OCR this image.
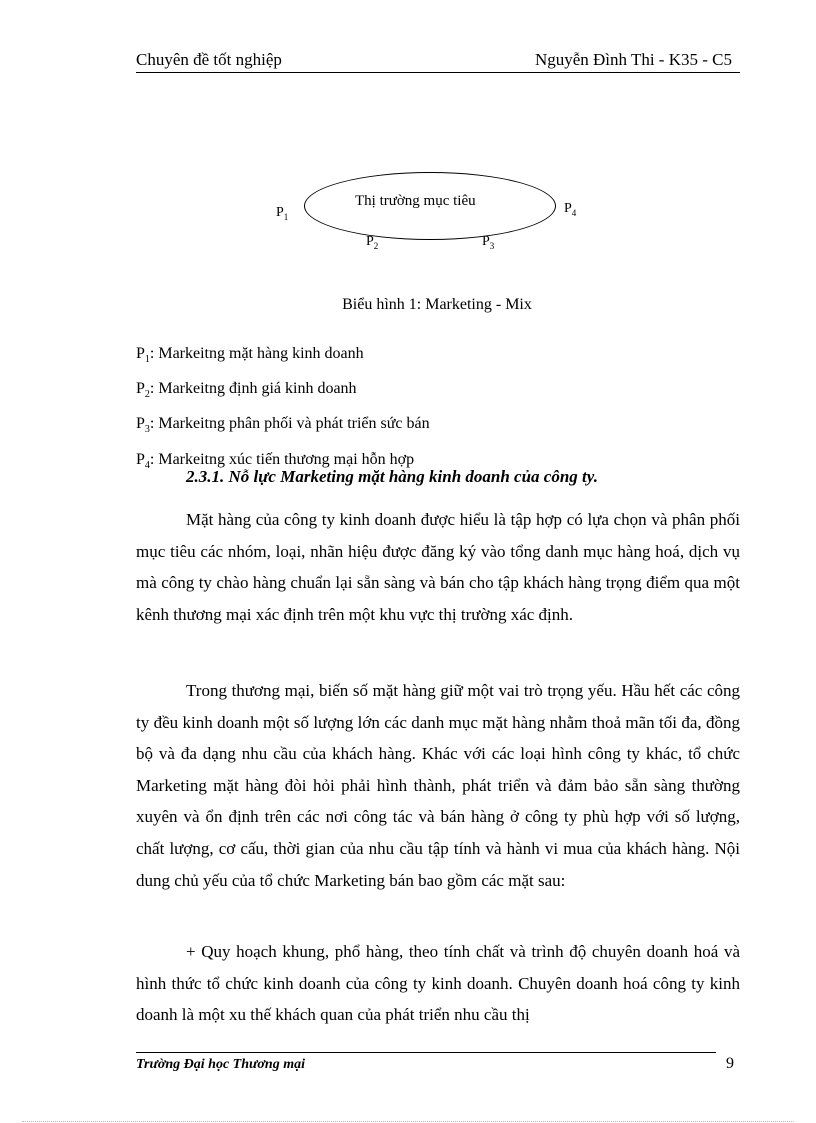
Chuyên đề tốt nghiệp	Nguyễn Đình Thi - K35 - C5
Thị trường mục tiêu
$P_1$
$P_4$
$P_2$	$P_3$
Biểu hình 1: Marketing - Mix
$P_1$: Markeitng mặt hàng kinh doanh
$P_2$: Markeitng định giá kinh doanh
$P_3$: Markeitng phân phối và phát triển sức bán
$P_4$: Markeitng xúc tiến thương mại hỗn hợp
2.3.1. Nỗ lực Marketing mặt hàng kinh doanh của công ty.

Mặt hàng của công ty kinh doanh được hiểu là tập hợp có lựa chọn và phân phối mục tiêu các nhóm, loại, nhãn hiệu được đăng ký vào tổng danh mục hàng hoá, dịch vụ mà công ty chào hàng chuẩn lại sẵn sàng và bán cho tập khách hàng trọng điểm qua một kênh thương mại xác định trên một khu vực thị trường xác định.

Trong thương mại, biến số mặt hàng giữ một vai trò trọng yếu. Hầu hết các công ty đều kinh doanh một số lượng lớn các danh mục mặt hàng nhằm thoả mãn tối đa, đồng bộ và đa dạng nhu cầu của khách hàng. Khác với các loại hình công ty khác, tổ chức Marketing mặt hàng đòi hỏi phải hình thành, phát triển và đảm bảo sẵn sàng thường xuyên và ổn định trên các nơi công tác và bán hàng ở công ty phù hợp với số lượng, chất lượng, cơ cấu, thời gian của nhu cầu tập tính và hành vi mua của khách hàng. Nội dung chủ yếu của tổ chức Marketing bán bao gồm các mặt sau:

+ Quy hoạch khung, phổ hàng, theo tính chất và trình độ chuyên doanh hoá và hình thức tổ chức kinh doanh của công ty kinh doanh. Chuyên doanh hoá công ty kinh doanh là một xu thế khách quan của phát triển nhu cầu thị

Trường Đại học Thương mại	9
